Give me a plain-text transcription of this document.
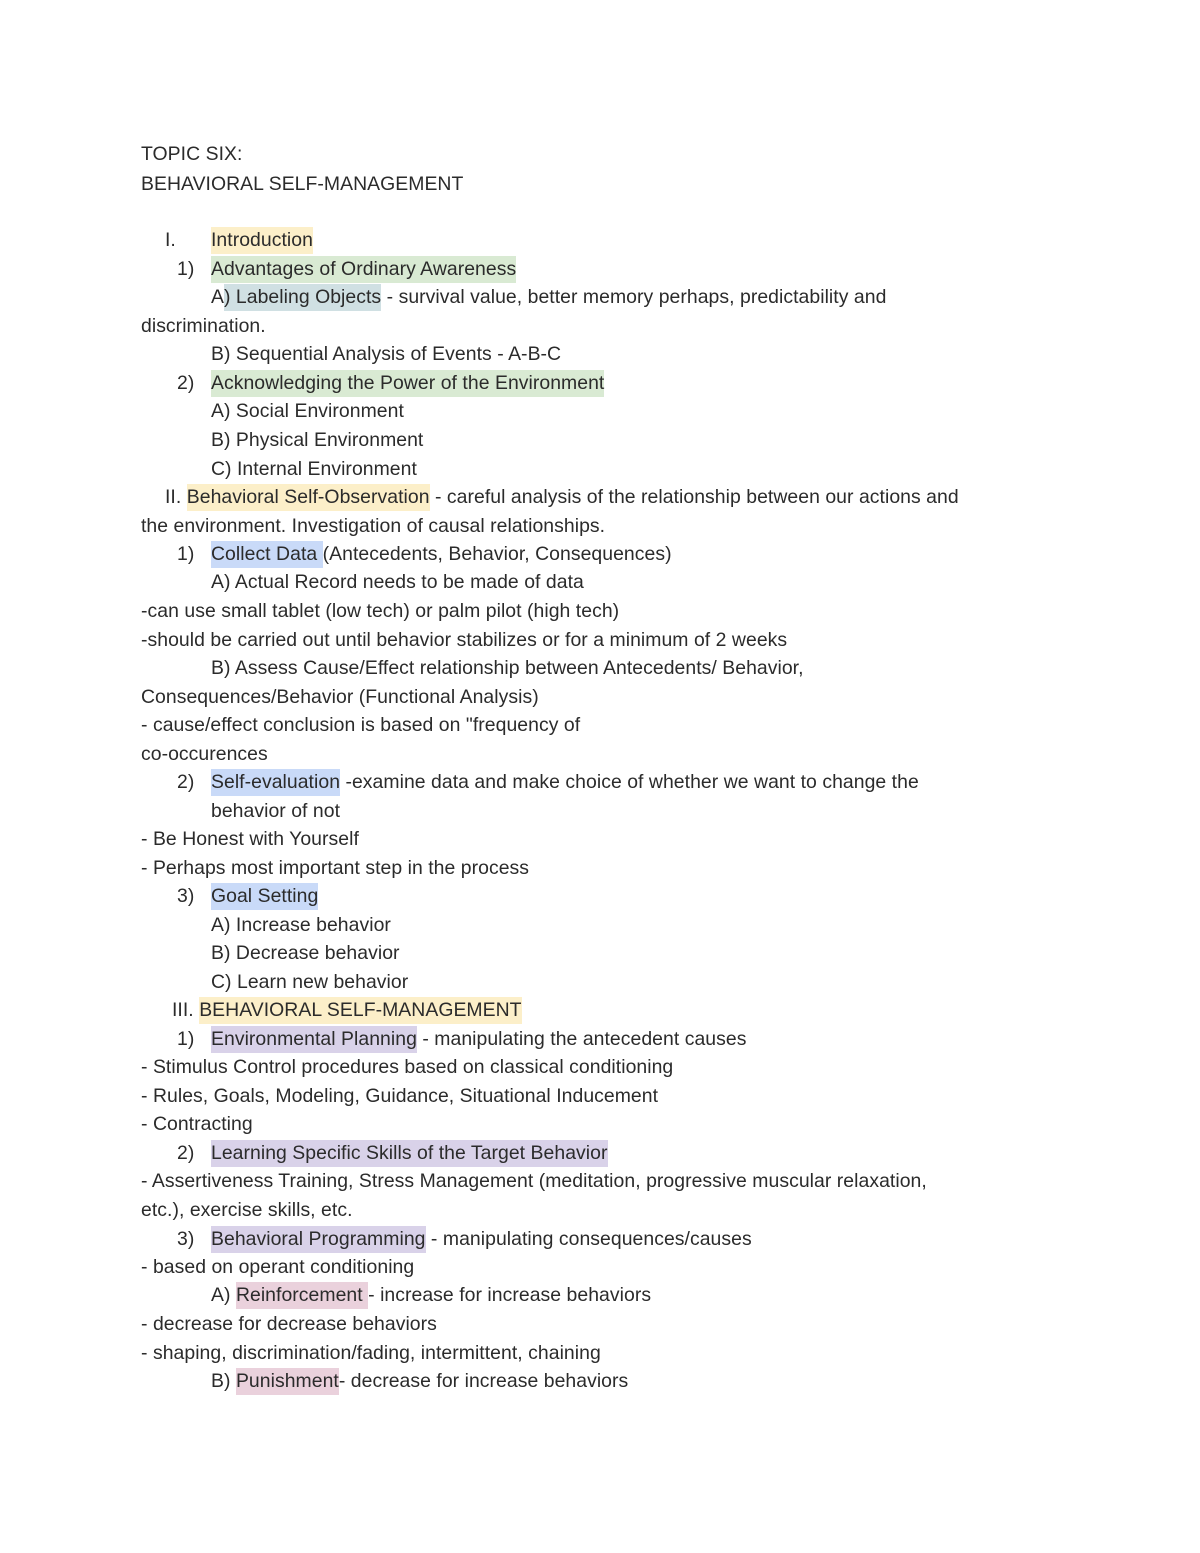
TOPIC SIX:
BEHAVIORAL SELF-MANAGEMENT
I. Introduction
1) Advantages of Ordinary Awareness
A) Labeling Objects - survival value, better memory perhaps, predictability and
discrimination.
B) Sequential Analysis of Events - A-B-C
2) Acknowledging the Power of the Environment
A) Social Environment
B) Physical Environment
C) Internal Environment
II. Behavioral Self-Observation - careful analysis of the relationship between our actions and
the environment. Investigation of causal relationships.
1) Collect Data (Antecedents, Behavior, Consequences)
A) Actual Record needs to be made of data
-can use small tablet (low tech) or palm pilot (high tech)
-should be carried out until behavior stabilizes or for a minimum of 2 weeks
B) Assess Cause/Effect relationship between Antecedents/ Behavior,
Consequences/Behavior (Functional Analysis)
- cause/effect conclusion is based on "frequency of
co-occurences
2) Self-evaluation -examine data and make choice of whether we want to change the
behavior of not
- Be Honest with Yourself
- Perhaps most important step in the process
3) Goal Setting
A) Increase behavior
B) Decrease behavior
C) Learn new behavior
III. BEHAVIORAL SELF-MANAGEMENT
1) Environmental Planning - manipulating the antecedent causes
- Stimulus Control procedures based on classical conditioning
- Rules, Goals, Modeling, Guidance, Situational Inducement
- Contracting
2) Learning Specific Skills of the Target Behavior
- Assertiveness Training, Stress Management (meditation, progressive muscular relaxation,
etc.), exercise skills, etc.
3) Behavioral Programming - manipulating consequences/causes
- based on operant conditioning
A) Reinforcement - increase for increase behaviors
- decrease for decrease behaviors
- shaping, discrimination/fading, intermittent, chaining
B) Punishment- decrease for increase behaviors
